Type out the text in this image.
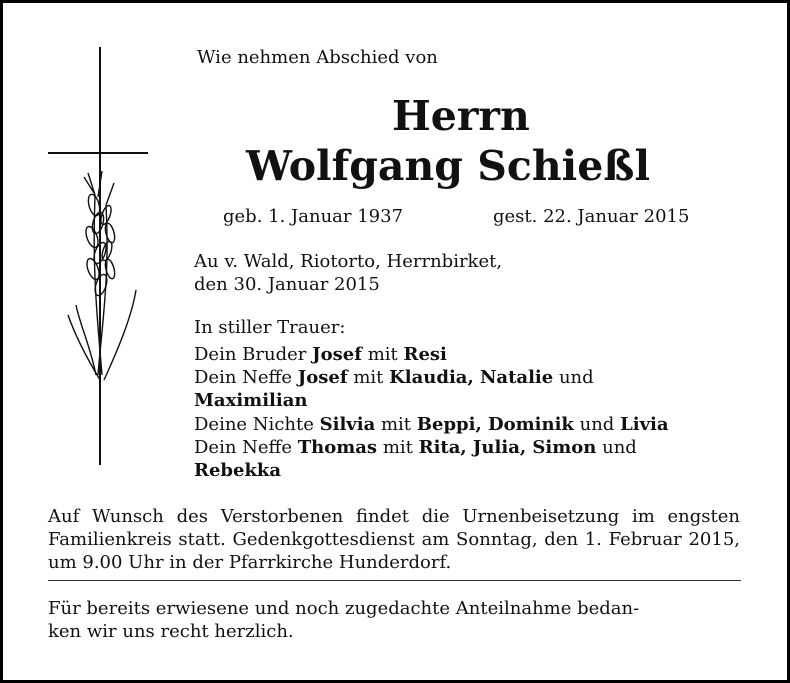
Wie nehmen Abschied von
Herrn
Wolfgang Schießl
geb. 1. Januar 1937	gest. 22. Januar 2015
Au v. Wald, Riotorto, Herrnbirket,
den 30. Januar 2015
In stiller Trauer:
Dein Bruder Josef mit Resi
Dein Neffe Josef mit Klaudia, Natalie und
Maximilian
Deine Nichte Silvia mit Beppi, Dominik und Livia
Dein Neffe Thomas mit Rita, Julia, Simon und
Rebekka
Auf Wunsch des Verstorbenen findet die Urnenbeisetzung im engsten Familienkreis statt. Gedenkgottesdienst am Sonntag, den 1. Februar 2015, um 9.00 Uhr in der Pfarrkirche Hunderdorf.
Für bereits erwiesene und noch zugedachte Anteilnahme bedan-
ken wir uns recht herzlich.
